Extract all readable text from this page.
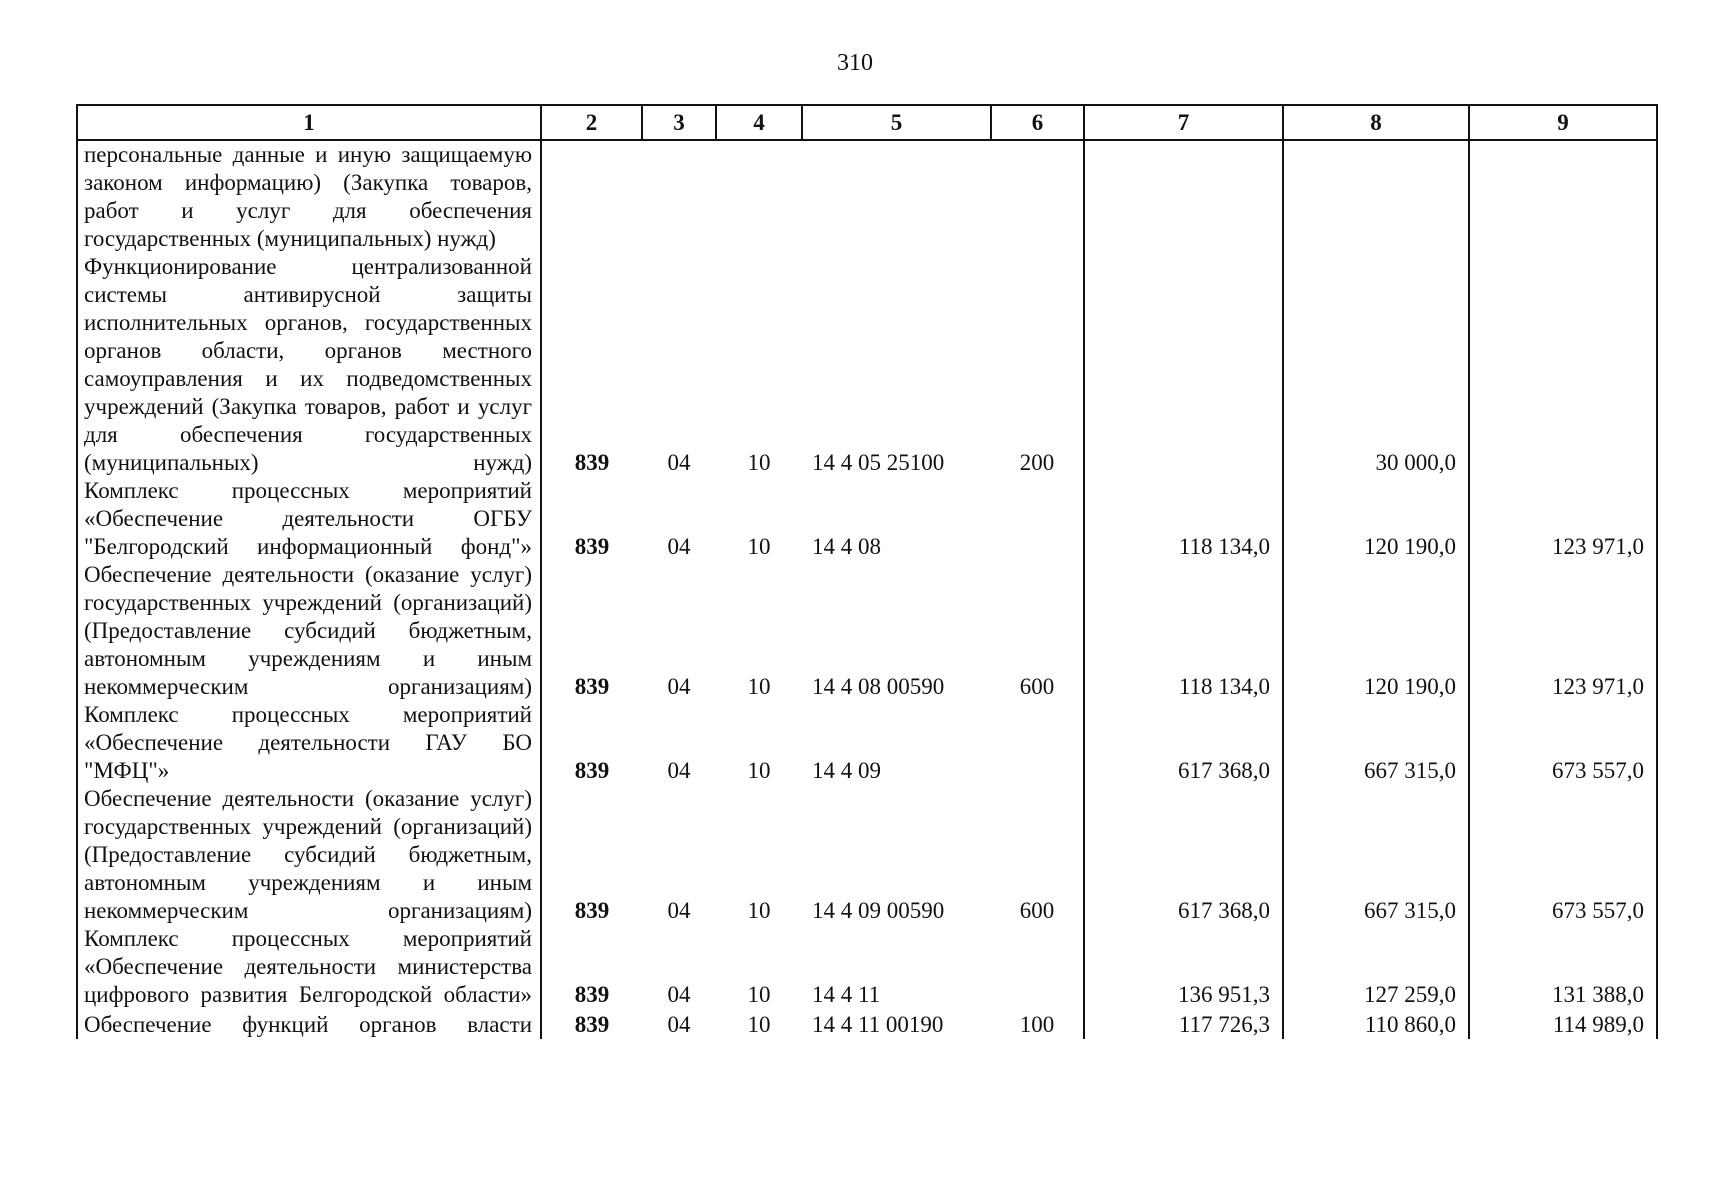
310
1	2	3	4	5	6	7	8	9
персональные данные и иную защищаемую законом информацию) (Закупка товаров, работ и услуг для обеспечения государственных (муниципальных) нужд)								
Функционирование централизованной системы антивирусной защиты исполнительных органов, государственных органов области, органов местного самоуправления и их подведомственных учреждений (Закупка товаров, работ и услуг для обеспечения государственных (муниципальных) нужд)	839	04	10	14 4 05 25100	200		30 000,0	
Комплекс процессных мероприятий «Обеспечение деятельности ОГБУ "Белгородский информационный фонд"»	839	04	10	14 4 08		118 134,0	120 190,0	123 971,0
Обеспечение деятельности (оказание услуг) государственных учреждений (организаций) (Предоставление субсидий бюджетным, автономным учреждениям и иным некоммерческим организациям)	839	04	10	14 4 08 00590	600	118 134,0	120 190,0	123 971,0
Комплекс процессных мероприятий «Обеспечение деятельности ГАУ БО "МФЦ"»	839	04	10	14 4 09		617 368,0	667 315,0	673 557,0
Обеспечение деятельности (оказание услуг) государственных учреждений (организаций) (Предоставление субсидий бюджетным, автономным учреждениям и иным некоммерческим организациям)	839	04	10	14 4 09 00590	600	617 368,0	667 315,0	673 557,0
Комплекс процессных мероприятий «Обеспечение деятельности министерства цифрового развития Белгородской области»	839	04	10	14 4 11		136 951,3	127 259,0	131 388,0
Обеспечение функций органов власти	839	04	10	14 4 11 00190	100	117 726,3	110 860,0	114 989,0
